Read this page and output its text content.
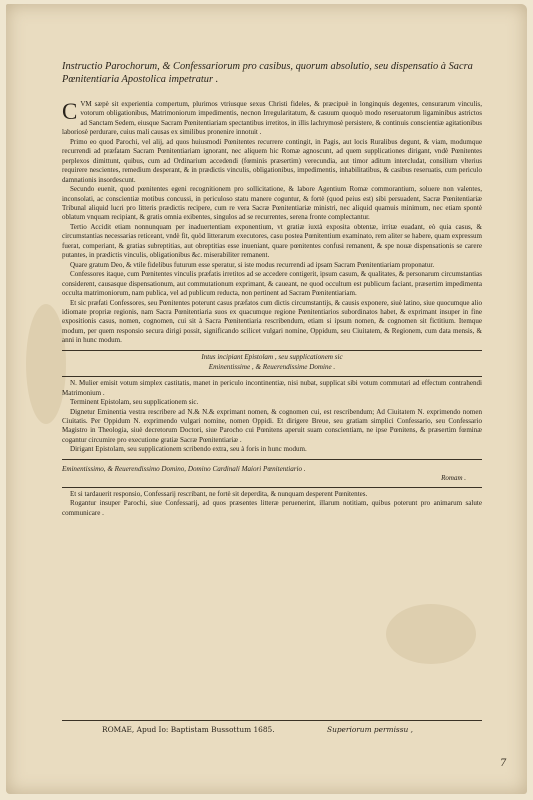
Instructio Parochorum, & Confessariorum pro casibus, quorum absolutio, seu dispensatio à Sacra Pœnitentiaria Apostolica impetratur .

CVM sæpè sit experientia compertum, plurimos vtriusque sexus Christi fideles, & præcipuè in longinquis degentes, censurarum vinculis, votorum obligationibus, Matrimoniorum impedimentis, necnon Irregularitatum, & casuum quoquò modo reseruatorum ligaminibus astrictos ad Sanctam Sedem, eiusque Sacram Pœnitentiariam spectantibus irretitos, in illis lachrymosè persistere, & continuis conscientiæ agitationibus laboriosè perdurare, cuius mali causas ex similibus pronenire innotuit .

Primo eo quod Parochi, vel alij, ad quos huiusmodi Pœnitentes recurrere contingit, in Pagis, aut locis Ruralibus degunt, & viam, modumque recurrendi ad præfatam Sacram Pœnitentiariam ignorant, nec aliquem hic Romæ agnoscunt, ad quem supplicationes dirigant, vndè Pœnitentes perplexos dimittunt, quibus, cum ad Ordinarium accedendi (fœminis præsertim) verecundia, aut timor aditum intercludat, consilium vlterius requirere nescientes, remedium desperant, & in prædictis vinculis, obligationibus, impedimentis, inhabilitatibus, & casibus reseruatis, cum periculo damnationis insordescunt.

Secundo euenit, quod pœnitentes egeni recognitionem pro sollicitatione, & labore Agentium Romæ commorantium, soluere non valentes, inconsolati, ac conscientiæ motibus concussi, in periculoso statu manere coguntur, & fortè (quod peius est) sibi persuadent, Sacræ Pœnitentiariæ Tribunal aliquid lucri pro litteris prædictis recipere, cum re vera Sacræ Pœnitentiariæ ministri, nec aliquid quamuis minimum, nec etiam spontè oblatum vnquam recipiant, & gratis omnia exibentes, singulos ad se recurrentes, serena fronte complectantur.

Tertio Accidit etiam nonnunquam per inaduertentiam exponentium, vt gratiæ iuxtà exposita obtentæ, irritæ euadant, eò quia casus, & circumstantias necessarias reticeant, vndè fit, quòd litterarum executores, casu postea Pœnitentium examinato, rem aliter se habere, quam expressum fuerat, comperiant, & gratias subreptitias, aut obreptitias esse inueniant, quare pœnitentes confusi remanent, & spe nouæ dispensationis se carere putantes, in prædictis vinculis, obligationibus &c. miserabiliter remanent.

Quare gratum Deo, & vtile fidelibus futurum esse speratur, si iste modus recurrendi ad ipsam Sacram Pœnitentiariam proponatur.

Confessores itaque, cum Pœnitentes vinculis præfatis irretitos ad se accedere contigerit, ipsum casum, & qualitates, & personarum circumstantias considerent, causasque dispensationum, aut commutationum exprimant, & caueant, ne quod occultum est publicum faciant, præsertim impedimenta occulta matrimoniorum, nam publica, vel ad publicum reducta, non pertinent ad Sacram Pœnitentiariam.

Et sic præfati Confessores, seu Pœnitentes poterunt casus præfatos cum dictis circumstantijs, & causis exponere, siuè latino, siue quocumque alio idiomate propriæ regionis, nam Sacra Pœnitentiaria suos ex quacumque regione Pœnitentiarios subordinatos habet, & exprimant insuper in fine expositionis casus, nomen, cognomen, cui sit à Sacra Pœnitentiaria rescribendum, etiam si ipsum nomen, & cognomen sit fictitium. Itemque modum, per quem responsio secura dirigi possit, significando scilicet vulgari nomine, Oppidum, seu Ciuitatem, & Regionem, cum data mensis, & anni in hunc modum.

Intus incipiant Epistolam , seu supplicationem sic

Eminentissime , & Reuerendissime Domine .

N. Mulier emisit votum simplex castitatis, manet in periculo incontinentiæ, nisi nubat, supplicat sibi votum commutari ad effectum contrahendi Matrimonium .

Terminent Epistolam, seu supplicationem sic.

Dignetur Eminentia vestra rescribere ad N.& N.& exprimant nomen, & cognomen cui, est rescribendum; Ad Ciuitatem N. exprimendo nomen Ciuitatis. Per Oppidum N. exprimendo vulgari nomine, nomen Oppidi. Et dirigere Breue, seu gratiam simplici Confessario, seu Confessario Magistro in Theologia, siuè decretorum Doctori, siue Parocho cui Pœnitens aperuit suam conscientiam, ne ipse Pœnitens, & præsertim fœminæ cogantur circumire pro executione gratiæ Sacræ Pœnitentiariæ .

Dirigant Epistolam, seu supplicationem scribendo extra, seu à foris in hunc modum.

Eminentissimo, & Reuerendissimo Domino, Domino Cardinali Maiori Pœnitentiario .

Romam .

Et si tardauerit responsio, Confessarij rescribant, ne fortè sit deperdita, & nunquam desperent Pœnitentes.

Rogantur insuper Parochi, siue Confessarij, ad quos præsentes litteræ peruenerint, illarum notitiam, quibus poterunt pro animarum salute communicare .

ROMAE, Apud Io: Baptistam Bussottum 1685.	Superiorum permissu ,
7
